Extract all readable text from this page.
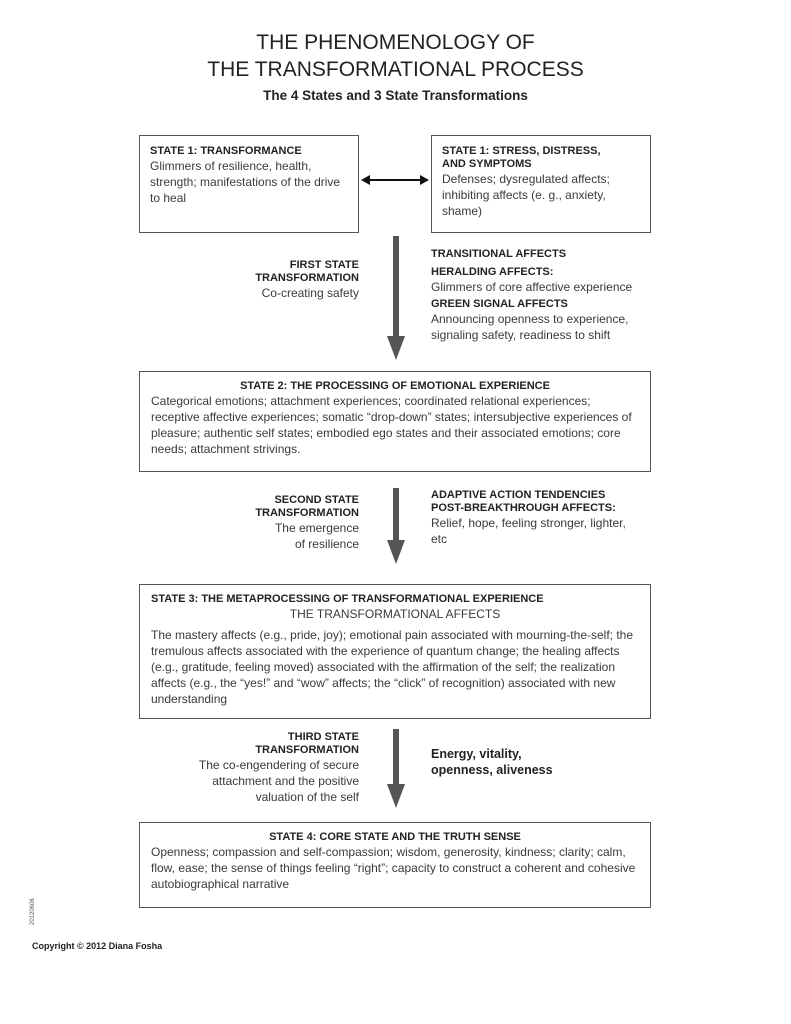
THE PHENOMENOLOGY OF
THE TRANSFORMATIONAL PROCESS
The 4 States and 3 State Transformations
STATE 1: TRANSFORMANCE
Glimmers of resilience, health, strength; manifestations of the drive to heal
STATE 1: STRESS, DISTRESS,
AND SYMPTOMS
Defenses; dysregulated affects; inhibiting affects (e. g., anxiety, shame)
FIRST STATE
TRANSFORMATION
Co-creating safety
TRANSITIONAL AFFECTS
HERALDING AFFECTS:
Glimmers of core affective experience
GREEN SIGNAL AFFECTS
Announcing openness to experience, signaling safety, readiness to shift
STATE 2: THE PROCESSING OF EMOTIONAL EXPERIENCE
Categorical emotions; attachment experiences; coordinated relational experiences; receptive affective experiences; somatic “drop-down” states; intersubjective experiences of pleasure; authentic self states; embodied ego states and their associated emotions; core needs; attachment strivings.
SECOND STATE
TRANSFORMATION
The emergence
of resilience
ADAPTIVE ACTION TENDENCIES
POST-BREAKTHROUGH AFFECTS:
Relief, hope, feeling stronger, lighter, etc
STATE 3: THE METAPROCESSING OF TRANSFORMATIONAL EXPERIENCE
THE TRANSFORMATIONAL AFFECTS
The mastery affects (e.g., pride, joy); emotional pain associated with mourning-the-self; the tremulous affects associated with the experience of quantum change; the healing affects (e.g., gratitude, feeling moved) associated with the affirmation of the self; the realization affects (e.g., the “yes!” and “wow” affects; the “click” of recognition) associated with new understanding
THIRD STATE
TRANSFORMATION
The co-engendering of secure
attachment and the positive
valuation of the self
Energy, vitality,
openness, aliveness
STATE 4: CORE STATE AND THE TRUTH SENSE
Openness; compassion and self-compassion; wisdom, generosity, kindness; clarity; calm, flow, ease; the sense of things feeling “right”; capacity to construct a coherent and cohesive autobiographical narrative
20120606
Copyright © 2012 Diana Fosha
